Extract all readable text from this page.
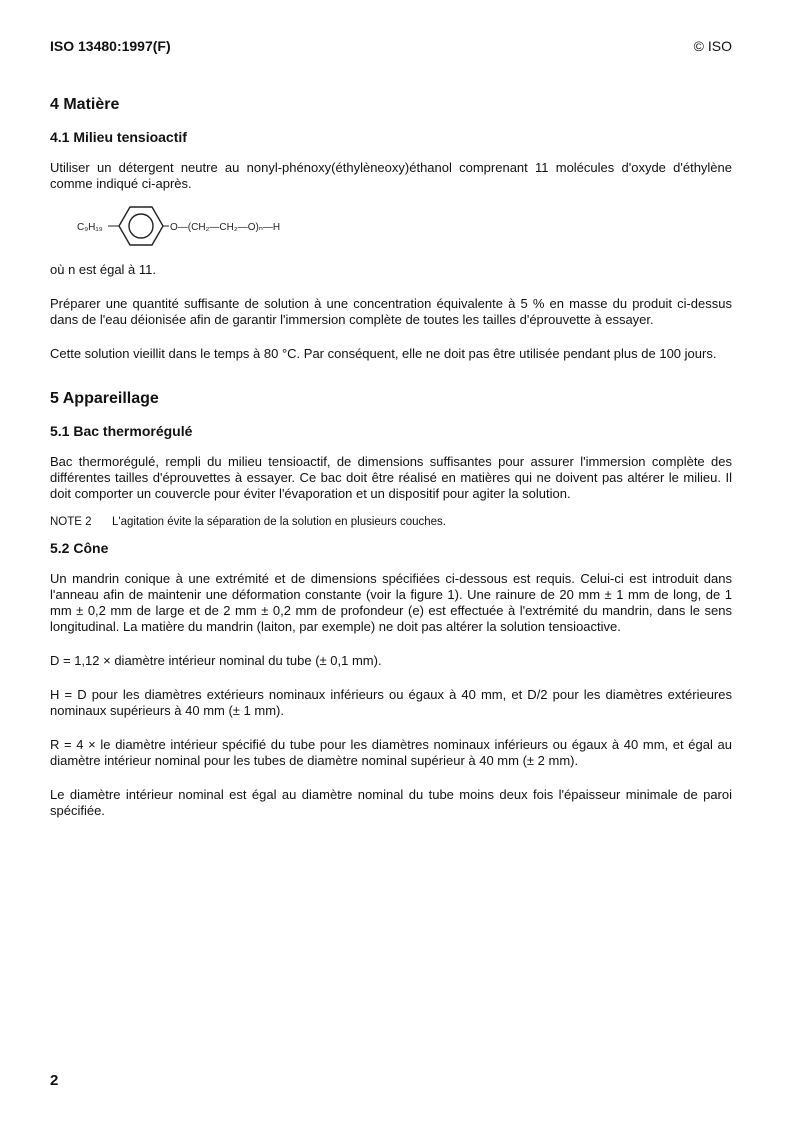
ISO 13480:1997(F)	© ISO
4 Matière
4.1 Milieu tensioactif

Utiliser un détergent neutre au nonyl-phénoxy(éthylèneoxy)éthanol comprenant 11 molécules d'oxyde d'éthylène comme indiqué ci-après.

C₉H₁₉	O—(CH₂—CH₂—O)ₙ—H

où n est égal à 11.

Préparer une quantité suffisante de solution à une concentration équivalente à 5 % en masse du produit ci-dessus dans de l'eau déionisée afin de garantir l'immersion complète de toutes les tailles d'éprouvette à essayer.

Cette solution vieillit dans le temps à 80 °C. Par conséquent, elle ne doit pas être utilisée pendant plus de 100 jours.

5 Appareillage
5.1 Bac thermorégulé

Bac thermorégulé, rempli du milieu tensioactif, de dimensions suffisantes pour assurer l'immersion complète des différentes tailles d'éprouvettes à essayer. Ce bac doit être réalisé en matières qui ne doivent pas altérer le milieu. Il doit comporter un couvercle pour éviter l'évaporation et un dispositif pour agiter la solution.

NOTE 2 L'agitation évite la séparation de la solution en plusieurs couches.
5.2 Cône

Un mandrin conique à une extrémité et de dimensions spécifiées ci-dessous est requis. Celui-ci est introduit dans l'anneau afin de maintenir une déformation constante (voir la figure 1). Une rainure de 20 mm ± 1 mm de long, de 1 mm ± 0,2 mm de large et de 2 mm ± 0,2 mm de profondeur (e) est effectuée à l'extrémité du mandrin, dans le sens longitudinal. La matière du mandrin (laiton, par exemple) ne doit pas altérer la solution tensioactive.

D = 1,12 × diamètre intérieur nominal du tube (± 0,1 mm).

H = D pour les diamètres extérieurs nominaux inférieurs ou égaux à 40 mm, et D/2 pour les diamètres extérieures nominaux supérieurs à 40 mm (± 1 mm).

R = 4 × le diamètre intérieur spécifié du tube pour les diamètres nominaux inférieurs ou égaux à 40 mm, et égal au diamètre intérieur nominal pour les tubes de diamètre nominal supérieur à 40 mm (± 2 mm).

Le diamètre intérieur nominal est égal au diamètre nominal du tube moins deux fois l'épaisseur minimale de paroi spécifiée.

2
